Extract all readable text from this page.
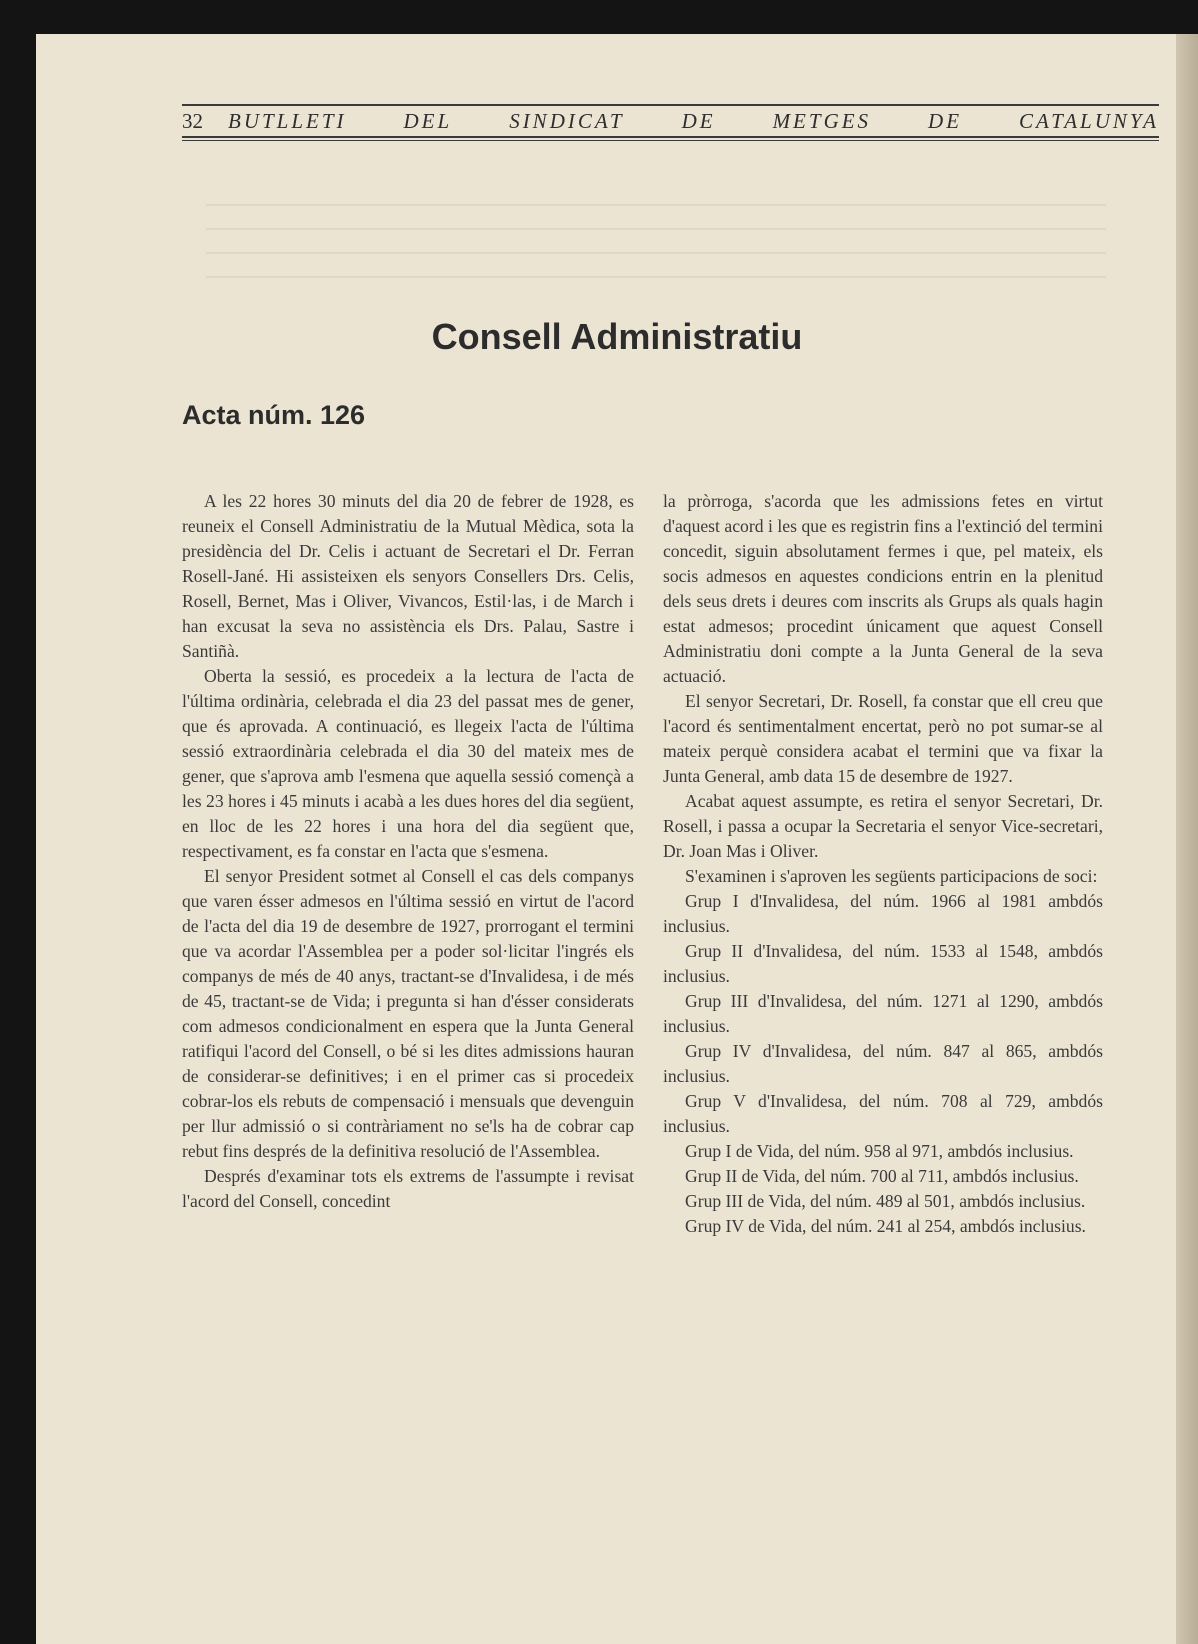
32 BUTLLETI	DEL	SINDICAT	DE	METGES	DE	CATALUNYA
Consell Administratiu
Acta núm. 126

A les 22 hores 30 minuts del dia 20 de febrer de 1928, es reuneix el Consell Administratiu de la Mutual Mèdica, sota la presidència del Dr. Celis i actuant de Secretari el Dr. Ferran Rosell-Jané. Hi assisteixen els senyors Consellers Drs. Celis, Rosell, Bernet, Mas i Oliver, Vivancos, Estil·las, i de March i han excusat la seva no assistència els Drs. Palau, Sastre i Santiñà.

Oberta la sessió, es procedeix a la lectura de l'acta de l'última ordinària, celebrada el dia 23 del passat mes de gener, que és aprovada. A continuació, es llegeix l'acta de l'última sessió extraordinària celebrada el dia 30 del mateix mes de gener, que s'aprova amb l'esmena que aquella sessió començà a les 23 hores i 45 minuts i acabà a les dues hores del dia següent, en lloc de les 22 hores i una hora del dia següent que, respectivament, es fa constar en l'acta que s'esmena.

El senyor President sotmet al Consell el cas dels companys que varen ésser admesos en l'última sessió en virtut de l'acord de l'acta del dia 19 de desembre de 1927, prorrogant el termini que va acordar l'Assemblea per a poder sol·licitar l'ingrés els companys de més de 40 anys, tractant-se d'Invalidesa, i de més de 45, tractant-se de Vida; i pregunta si han d'ésser considerats com admesos condicionalment en espera que la Junta General ratifiqui l'acord del Consell, o bé si les dites admissions hauran de considerar-se definitives; i en el primer cas si procedeix cobrar-los els rebuts de compensació i mensuals que devenguin per llur admissió o si contràriament no se'ls ha de cobrar cap rebut fins després de la definitiva resolució de l'Assemblea.

Després d'examinar tots els extrems de l'assumpte i revisat l'acord del Consell, concedint

la pròrroga, s'acorda que les admissions fetes en virtut d'aquest acord i les que es registrin fins a l'extinció del termini concedit, siguin absolutament fermes i que, pel mateix, els socis admesos en aquestes condicions entrin en la plenitud dels seus drets i deures com inscrits als Grups als quals hagin estat admesos; procedint únicament que aquest Consell Administratiu doni compte a la Junta General de la seva actuació.

El senyor Secretari, Dr. Rosell, fa constar que ell creu que l'acord és sentimentalment encertat, però no pot sumar-se al mateix perquè considera acabat el termini que va fixar la Junta General, amb data 15 de desembre de 1927.

Acabat aquest assumpte, es retira el senyor Secretari, Dr. Rosell, i passa a ocupar la Secretaria el senyor Vice-secretari, Dr. Joan Mas i Oliver.

S'examinen i s'aproven les següents participacions de soci:

Grup I d'Invalidesa, del núm. 1966 al 1981 ambdós inclusius.

Grup II d'Invalidesa, del núm. 1533 al 1548, ambdós inclusius.

Grup III d'Invalidesa, del núm. 1271 al 1290, ambdós inclusius.

Grup IV d'Invalidesa, del núm. 847 al 865, ambdós inclusius.

Grup V d'Invalidesa, del núm. 708 al 729, ambdós inclusius.

Grup I de Vida, del núm. 958 al 971, ambdós inclusius.

Grup II de Vida, del núm. 700 al 711, ambdós inclusius.

Grup III de Vida, del núm. 489 al 501, ambdós inclusius.

Grup IV de Vida, del núm. 241 al 254, ambdós inclusius.
